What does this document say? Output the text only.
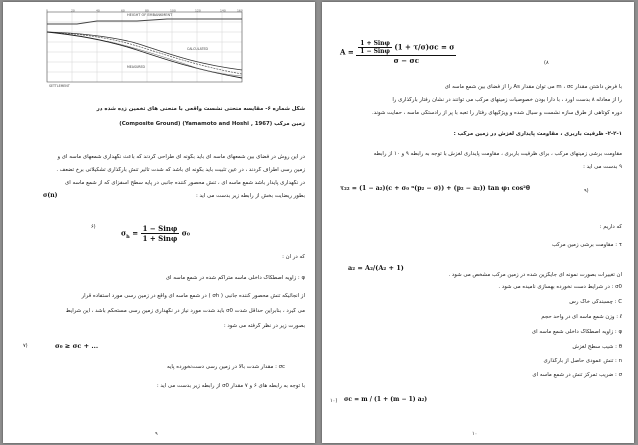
HEIGHT OF EMBANKMENT
CALCULATED
MEASURED
SETTLEMENT
0	20	40	60	80	100	120	140	160
شکل شماره ۶- مقایسه منحنی نشست واقعی با منحنی های تخمین زده شده در
زمین مرکب (Yamamoto and Hoshi , 1967) (Composite Ground)
در این روش در فضای بین شمعهای ماسه ای باید بگونه ای طراحی گردند که باعث نگهداری شمعهای ماسه ای و
زمین رسی اطراف گردند ، در عین تثبیت باید بگونه ای باشد که شدت تأثیر تنش بارگذاری تشکیلاتی برخ تضعف .
در نگهداری پایدار باشد شمع ماسه ای ، تنش محصور کننده جانبی در پایه سطح اسفزای که از شمع ماسه ای
بطور ریضایت بخش از رابطه زیر بدست می آید :
σ(n)
$\sigma_h = \frac{\text{1 − Sinφ}}{\text{1 + Sinφ}} \sigma_0$
۶)
که در آن :
φ : زاویه اصطکاک داخلی ماسه متراکم شده در شمع ماسه ای
از آنجائیکه تنش محصور کننده جانبی ( σh ) در شمع ماسه ای واقع در زمین رسی مورد استفاده قرار
می گیرد ، بنابراین حداقل شدت σ0 باید شدت مورد نیاز در نگهداری زمین رسی مستحکم باشد ، این شرایط
بصورت زیر در نظر گرفته می شود :
σ₀ ≥ σc + ...
۷)
σc : مقدار شدت بالا در زمین رسی دست‌نخورده پایه
با توجه به رابطه های ۶ و ۷ مقدار σ0 از رابطه زیر بدست می آید :
۹
$A = \frac{\frac{\text{1 + Sinφ}}{\text{1 − Sinφ}} (1 + \tau/\sigma)\sigma c = \sigma}{\sigma - \sigma c}$	(۸
با فرض داشتن مقدار m ، σc می توان مقدار As را از فضای بین شمع ماسه ای
را از معادله ۸ بدست آورد ، با دارا بودن خصوصیات زمینهای مرکب می توانند در نشان رفتار بارگذاری را
دوره کوتاهی از طرق سازه نشست و سیال شده و ویژگیهای رفتار را تعبه با پر از رادستگی ماسه ، حمایت شوند.
۲-۲-۱- ظرفیت باربری ، مقاومت پایداری لغزش در زمین مرکب :
مقاومت برشی زمینهای مرکب ، برای ظرفیت باربری ، مقاومت پایداری لغزش با توجه به رابطه ۹ و ۱۰ از رابطه
۹ بدست می آید :
τ₂₂ = (1 − a₂)(c + σ₀ ⁿ(p₂ − σ)) + (p₂ − a₂)) tan φ₁ cos²θ	۹)
که داریم :
τ : مقاومت برشی زمین مرکب
a₂ = A₂/(A₂ + 1)
آن تغییرات بصورت نمونه ای جایگزین شده در زمین مرکب مشخص می شود .
σ0 : در شرایط دست نخورده بهسازی نامیده می شود .
C : چسبندگی خاک رس
ℓ : وزن شمع ماسه ای در واحد حجم
φ : زاویه اصطکاک داخلی شمع ماسه ای
θ : شیب سطح لغزش
n : تنش عمودی حاصل از بارگذاری
σ : ضریب تمرکز تنش در شمع ماسه ای
σc = m / (1 + (m − 1) a₂)
۱۰)
۱۰
